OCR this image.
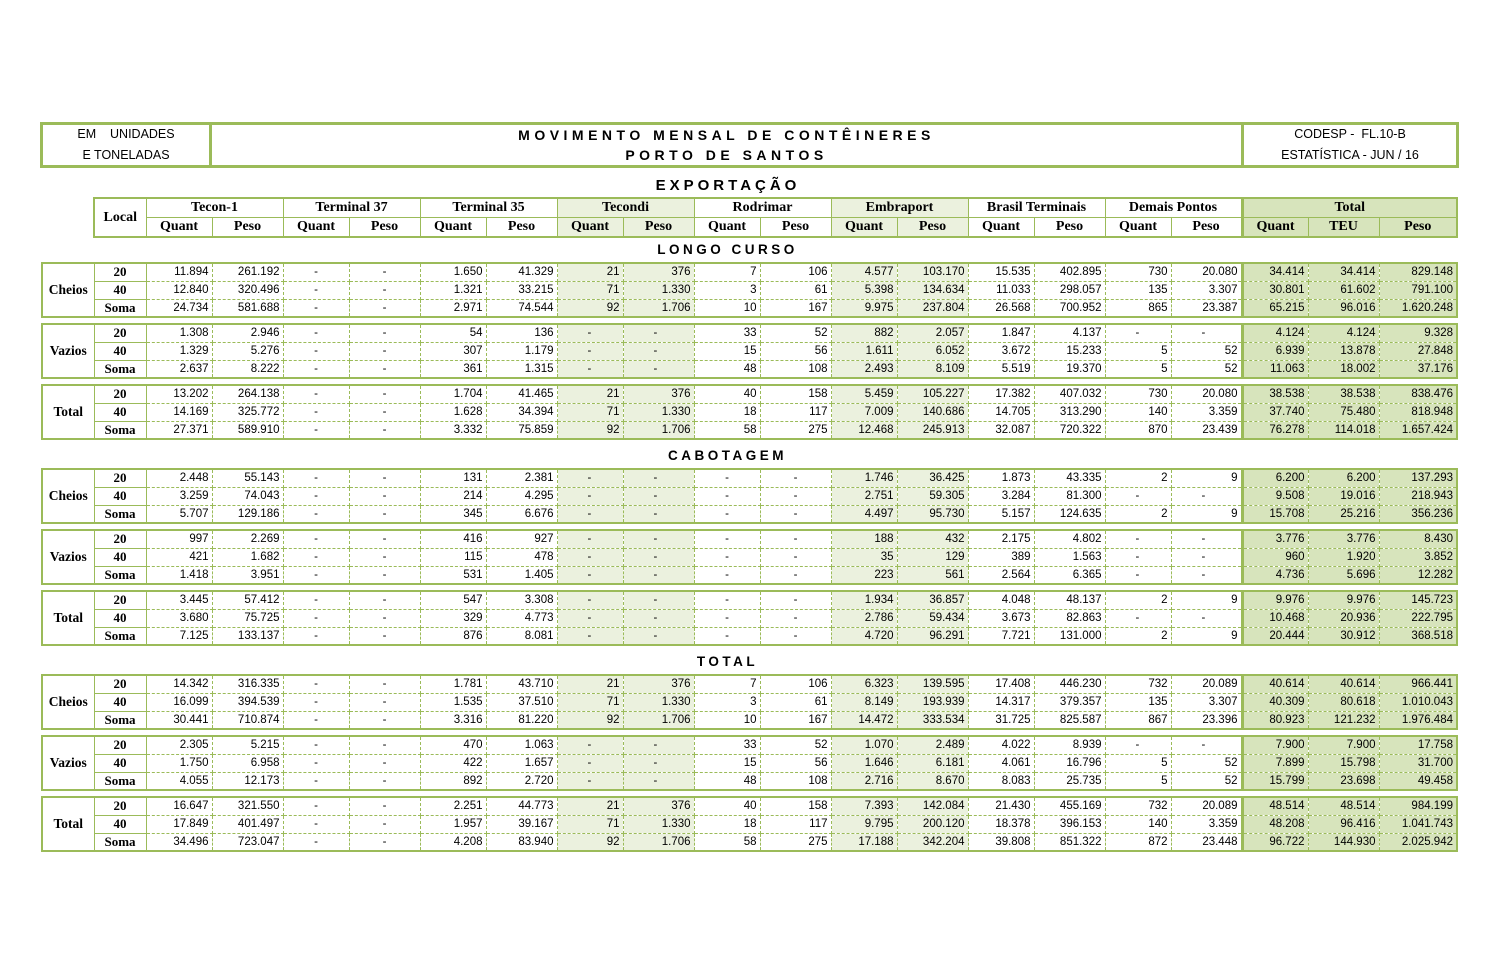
EM    UNIDADES
E TONELADAS
MOVIMENTO MENSAL DE CONTÊINERES
PORTO DE SANTOS
CODESP -  FL.10-B
ESTATÍSTICA - JUN / 16
EXPORTAÇÃO
Local	Tecon-1		Terminal 37		Terminal 35		Tecondi		Rodrimar		Embraport		Brasil Terminais		Demais Pontos		Total		
	Quant	Peso	Quant	Peso	Quant	Peso	Quant	Peso	Quant	Peso	Quant	Peso	Quant	Peso	Quant	Peso	Quant	TEU	Peso
LONGO CURSO
Cheios	20	11.894	261.192	-	-	1.650	41.329	21	376	7	106	4.577	103.170	15.535	402.895	730	20.080	34.414	34.414	829.148
	40	12.840	320.496	-	-	1.321	33.215	71	1.330	3	61	5.398	134.634	11.033	298.057	135	3.307	30.801	61.602	791.100
	Soma	24.734	581.688	-	-	2.971	74.544	92	1.706	10	167	9.975	237.804	26.568	700.952	865	23.387	65.215	96.016	1.620.248
Vazios	20	1.308	2.946	-	-	54	136	-	-	33	52	882	2.057	1.847	4.137	-	-	4.124	4.124	9.328
	40	1.329	5.276	-	-	307	1.179	-	-	15	56	1.611	6.052	3.672	15.233	5	52	6.939	13.878	27.848
	Soma	2.637	8.222	-	-	361	1.315	-	-	48	108	2.493	8.109	5.519	19.370	5	52	11.063	18.002	37.176
Total	20	13.202	264.138	-	-	1.704	41.465	21	376	40	158	5.459	105.227	17.382	407.032	730	20.080	38.538	38.538	838.476
	40	14.169	325.772	-	-	1.628	34.394	71	1.330	18	117	7.009	140.686	14.705	313.290	140	3.359	37.740	75.480	818.948
	Soma	27.371	589.910	-	-	3.332	75.859	92	1.706	58	275	12.468	245.913	32.087	720.322	870	23.439	76.278	114.018	1.657.424
CABOTAGEM
Cheios	20	2.448	55.143	-	-	131	2.381	-	-	-	-	1.746	36.425	1.873	43.335	2	9	6.200	6.200	137.293
	40	3.259	74.043	-	-	214	4.295	-	-	-	-	2.751	59.305	3.284	81.300	-	-	9.508	19.016	218.943
	Soma	5.707	129.186	-	-	345	6.676	-	-	-	-	4.497	95.730	5.157	124.635	2	9	15.708	25.216	356.236
Vazios	20	997	2.269	-	-	416	927	-	-	-	-	188	432	2.175	4.802	-	-	3.776	3.776	8.430
	40	421	1.682	-	-	115	478	-	-	-	-	35	129	389	1.563	-	-	960	1.920	3.852
	Soma	1.418	3.951	-	-	531	1.405	-	-	-	-	223	561	2.564	6.365	-	-	4.736	5.696	12.282
Total	20	3.445	57.412	-	-	547	3.308	-	-	-	-	1.934	36.857	4.048	48.137	2	9	9.976	9.976	145.723
	40	3.680	75.725	-	-	329	4.773	-	-	-	-	2.786	59.434	3.673	82.863	-	-	10.468	20.936	222.795
	Soma	7.125	133.137	-	-	876	8.081	-	-	-	-	4.720	96.291	7.721	131.000	2	9	20.444	30.912	368.518
TOTAL
Cheios	20	14.342	316.335	-	-	1.781	43.710	21	376	7	106	6.323	139.595	17.408	446.230	732	20.089	40.614	40.614	966.441
	40	16.099	394.539	-	-	1.535	37.510	71	1.330	3	61	8.149	193.939	14.317	379.357	135	3.307	40.309	80.618	1.010.043
	Soma	30.441	710.874	-	-	3.316	81.220	92	1.706	10	167	14.472	333.534	31.725	825.587	867	23.396	80.923	121.232	1.976.484
Vazios	20	2.305	5.215	-	-	470	1.063	-	-	33	52	1.070	2.489	4.022	8.939	-	-	7.900	7.900	17.758
	40	1.750	6.958	-	-	422	1.657	-	-	15	56	1.646	6.181	4.061	16.796	5	52	7.899	15.798	31.700
	Soma	4.055	12.173	-	-	892	2.720	-	-	48	108	2.716	8.670	8.083	25.735	5	52	15.799	23.698	49.458
Total	20	16.647	321.550	-	-	2.251	44.773	21	376	40	158	7.393	142.084	21.430	455.169	732	20.089	48.514	48.514	984.199
	40	17.849	401.497	-	-	1.957	39.167	71	1.330	18	117	9.795	200.120	18.378	396.153	140	3.359	48.208	96.416	1.041.743
	Soma	34.496	723.047	-	-	4.208	83.940	92	1.706	58	275	17.188	342.204	39.808	851.322	872	23.448	96.722	144.930	2.025.942
